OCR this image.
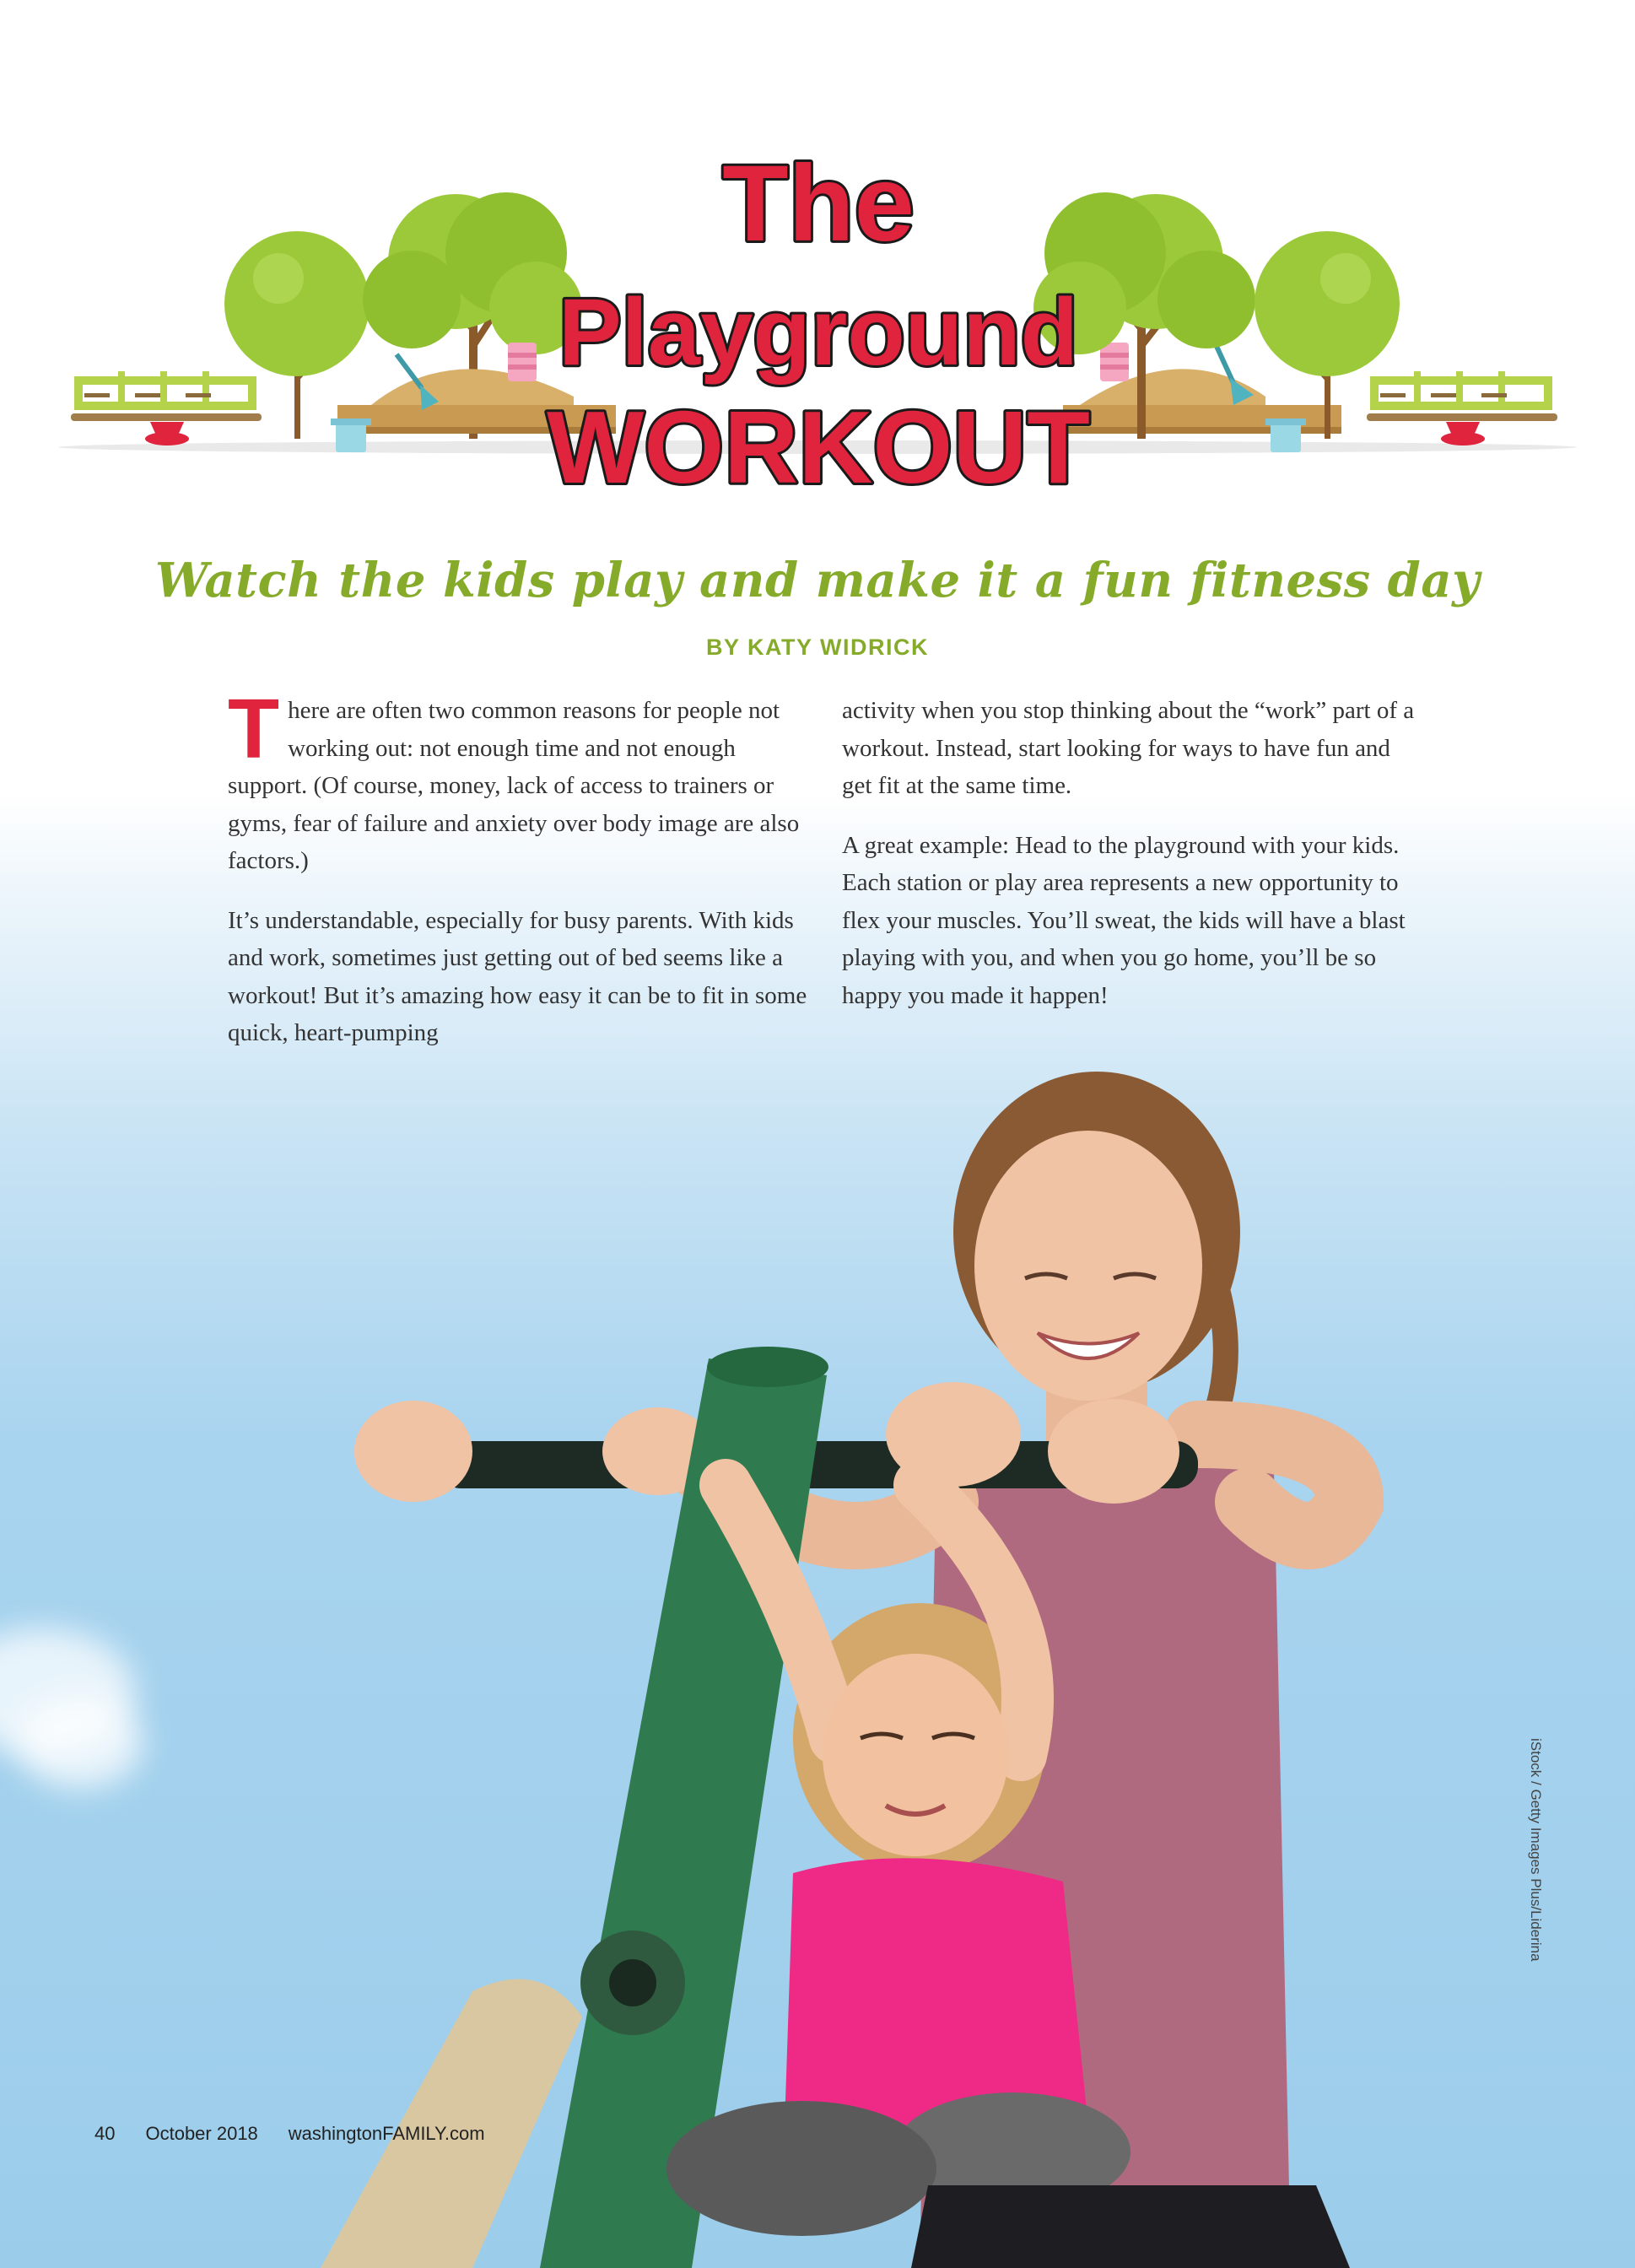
The
Playground
WORKOUT
Watch the kids play and make it a fun fitness day
BY KATY WIDRICK

There are often two common reasons for people not working out: not enough time and not enough support. (Of course, money, lack of access to trainers or gyms, fear of failure and anxiety over body image are also factors.)

It’s understandable, especially for busy parents. With kids and work, sometimes just getting out of bed seems like a workout! But it’s amazing how easy it can be to fit in some quick, heart-pumping

activity when you stop thinking about the “work” part of a workout. Instead, start looking for ways to have fun and get fit at the same time.

A great example: Head to the playground with your kids. Each station or play area represents a new opportunity to flex your muscles. You’ll sweat, the kids will have a blast playing with you, and when you go home, you’ll be so happy you made it happen!

iStock / Getty Images Plus/Liderina
40 October 2018 washingtonFAMILY.com
